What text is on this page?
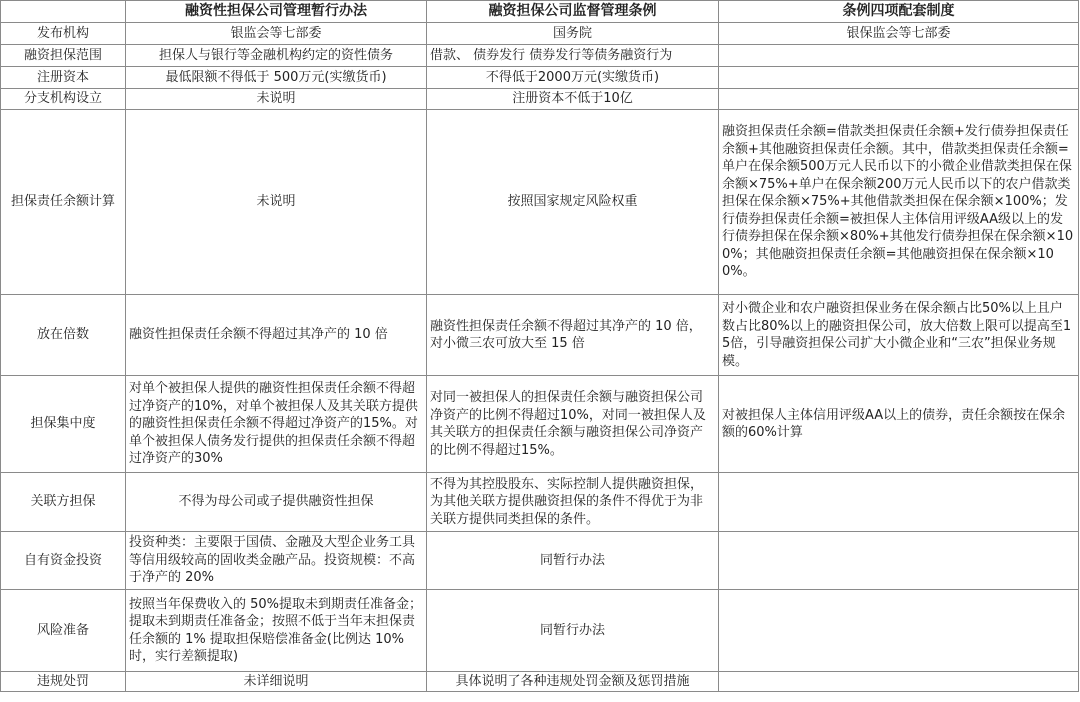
	融资性担保公司管理暂行办法	融资担保公司监督管理条例	条例四项配套制度
发布机构	银监会等七部委	国务院	银保监会等七部委
融资担保范围	担保人与银行等金融机构约定的资性债务	借款、 债券发行 债券发行等债务融资行为	
注册资本	最低限额不得低于 500万元(实缴货币)	不得低于2000万元(实缴货币)	
分支机构设立	未说明	注册资本不低于10亿	
担保责任余额计算	未说明	按照国家规定风险权重	融资担保责任余额=借款类担保责任余额+发行债券担保责任余额+其他融资担保责任余额。其中，借款类担保责任余额=单户在保余额500万元人民币以下的小微企业借款类担保在保余额×75%+单户在保余额200万元人民币以下的农户借款类担保在保余额×75%+其他借款类担保在保余额×100%；发行债券担保责任余额=被担保人主体信用评级AA级以上的发行债券担保在保余额×80%+其他发行债券担保在保余额×100%；其他融资担保责任余额=其他融资担保在保余额×100%。
放在倍数	融资性担保责任余额不得超过其净产的 10 倍	融资性担保责任余额不得超过其净产的 10 倍， 对小微三农可放大至 15 倍	对小微企业和农户融资担保业务在保余额占比50%以上且户数占比80%以上的融资担保公司，放大倍数上限可以提高至15倍，引导融资担保公司扩大小微企业和“三农”担保业务规模。
担保集中度	对单个被担保人提供的融资性担保责任余额不得超过净资产的10%，对单个被担保人及其关联方提供的融资性担保责任余额不得超过净资产的15%。对单个被担保人债务发行提供的担保责任余额不得超过净资产的30%	对同一被担保人的担保责任余额与融资担保公司净资产的比例不得超过10%，对同一被担保人及其关联方的担保责任余额与融资担保公司净资产的比例不得超过15%。	对被担保人主体信用评级AA以上的债券，责任余额按在保余额的60%计算
关联方担保	不得为母公司或子提供融资性担保	不得为其控股股东、实际控制人提供融资担保，为其他关联方提供融资担保的条件不得优于为非关联方提供同类担保的条件。	
自有资金投资	投资种类：主要限于国债、金融及大型企业务工具等信用级较高的固收类金融产品。投资规模：不高于净产的 20%	同暂行办法	
风险准备	按照当年保费收入的 50%提取未到期责任准备金；提取未到期责任准备金；按照不低于当年末担保责任余额的 1% 提取担保赔偿准备金(比例达 10%时，实行差额提取)	同暂行办法	
违规处罚	未详细说明	具体说明了各种违规处罚金额及惩罚措施	
